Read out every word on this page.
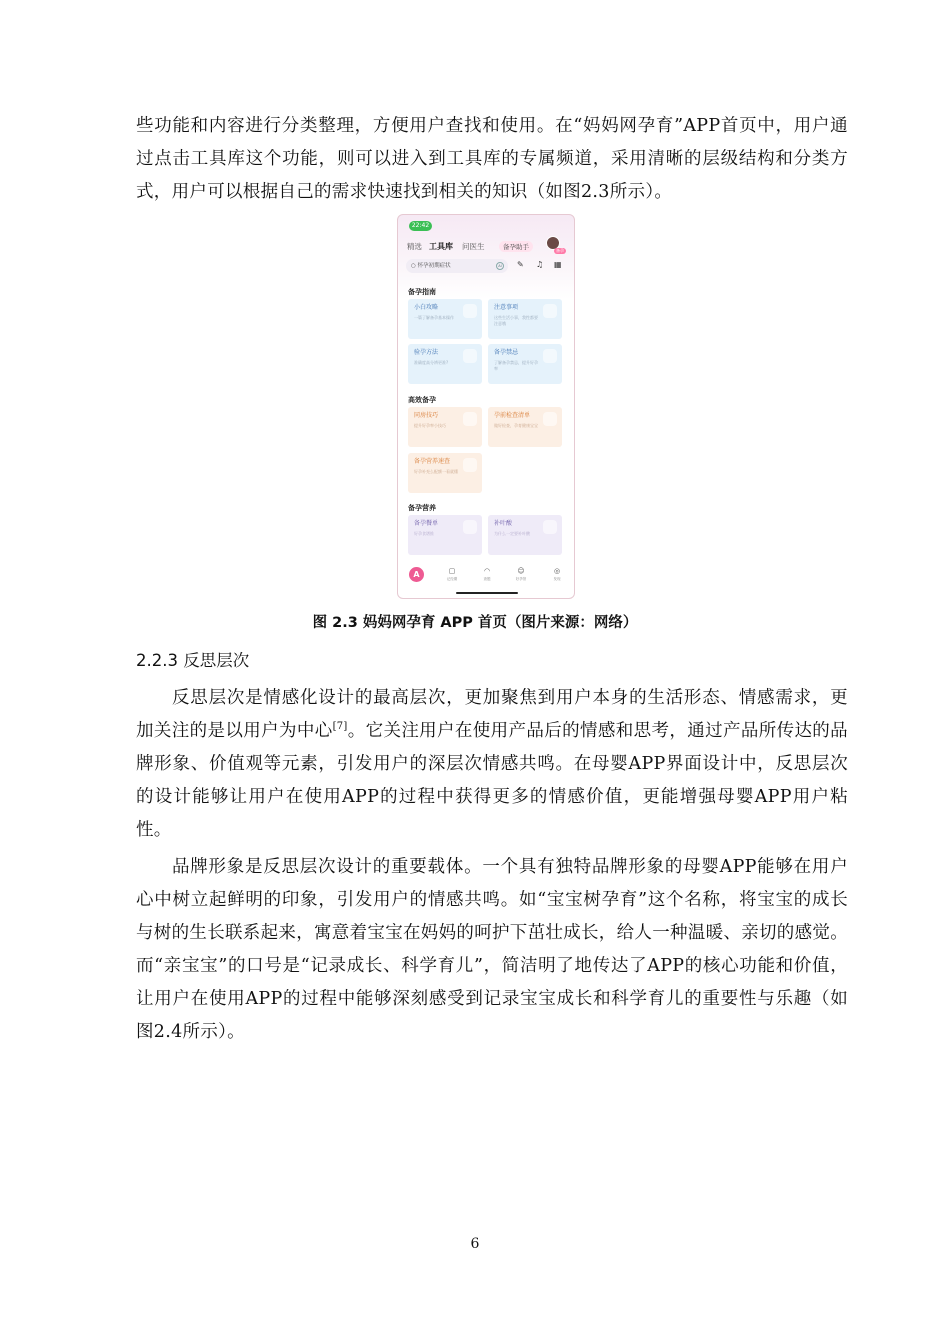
些功能和内容进行分类整理，方便用户查找和使用。在“妈妈网孕育”APP首页中，用户通过点击工具库这个功能，则可以进入到工具库的专属频道，采用清晰的层级结构和分类方式，用户可以根据自己的需求快速找到相关的知识（如图2.3所示）。

22:42
精选 工具库 问医生	备孕助手	备孕
○ 怀孕初期症状	AI ✎ ♫ ▦
备孕指南
小白攻略
一篇了解备孕基本操作
注意事项
这些生活小事，我性都要注意哦
验孕方法
准确度高分辨更准?
备孕禁忌
了解备孕禁忌，提升好孕率
高效备孕
同房技巧
提升好孕率小技巧
孕前检查清单
做好检查，孕育健康宝宝
备孕营养速查
好孕补充么配额一看就懂
备孕营养
备孕餐单
好孕食谱推
补叶酸
为什么一定要补叶酸
A	▢
记经期
◠
查题
☺
好孕馆
◎
发现
图 2.3 妈妈网孕育 APP 首页（图片来源：网络）
2.2.3 反思层次

反思层次是情感化设计的最高层次，更加聚焦到用户本身的生活形态、情感需求，更加关注的是以用户为中心[7]。它关注用户在使用产品后的情感和思考，通过产品所传达的品牌形象、价值观等元素，引发用户的深层次情感共鸣。在母婴APP界面设计中，反思层次的设计能够让用户在使用APP的过程中获得更多的情感价值，更能增强母婴APP用户粘性。

品牌形象是反思层次设计的重要载体。一个具有独特品牌形象的母婴APP能够在用户心中树立起鲜明的印象，引发用户的情感共鸣。如“宝宝树孕育”这个名称，将宝宝的成长与树的生长联系起来，寓意着宝宝在妈妈的呵护下茁壮成长，给人一种温暖、亲切的感觉。而“亲宝宝”的口号是“记录成长、科学育儿”，简洁明了地传达了APP的核心功能和价值，让用户在使用APP的过程中能够深刻感受到记录宝宝成长和科学育儿的重要性与乐趣（如图2.4所示）。

6
